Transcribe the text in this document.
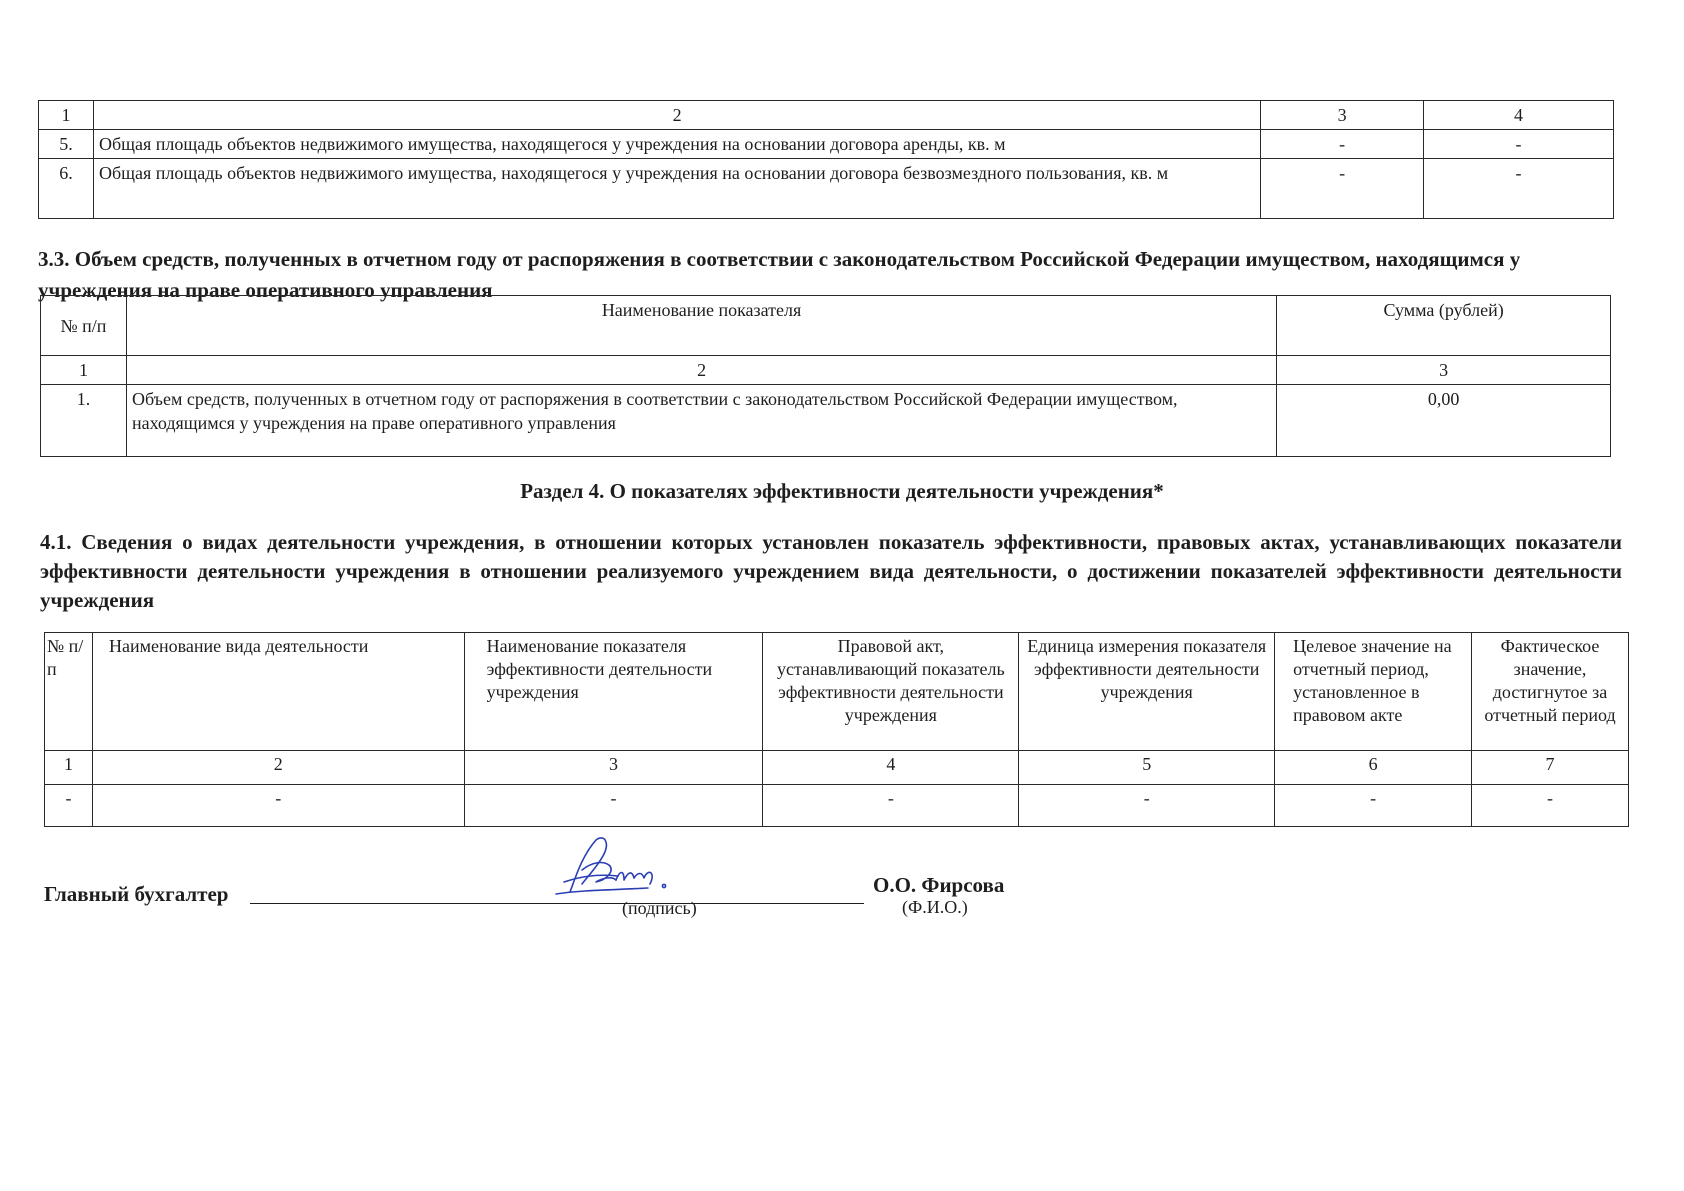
1	2	3	4
5.	Общая площадь объектов недвижимого имущества, находящегося у учреждения на основании договора аренды, кв. м	-	-
6.	Общая площадь объектов недвижимого имущества, находящегося у учреждения на основании договора безвозмездного пользования, кв. м	-	-
3.3. Объем средств, полученных в отчетном году от распоряжения в соответствии с законодательством Российской Федерации имуществом, находящимся у учреждения на праве оперативного управления
№ п/п	Наименование показателя	Сумма (рублей)
1	2	3
1.	Объем средств, полученных в отчетном году от распоряжения в соответствии с законодательством Российской Федерации имуществом, находящимся у учреждения на праве оперативного управления	0,00
Раздел 4. О показателях эффективности деятельности учреждения*
4.1. Сведения о видах деятельности учреждения, в отношении которых установлен показатель эффективности, правовых актах, устанавливающих показатели эффективности деятельности учреждения в отношении реализуемого учреждением вида деятельности, о достижении показателей эффективности деятельности учреждения
№ п/п	Наименование вида деятельности	Наименование показателя эффективности деятельности учреждения	Правовой акт, устанавливающий показатель эффективности деятельности учреждения	Единица измерения показателя эффективности деятельности учреждения	Целевое значение на отчетный период, установленное в правовом акте	Фактическое значение, достигнутое за отчетный период
1	2	3	4	5	6	7
-	-	-	-	-	-	-
Главный бухгалтер
(подпись)
О.О. Фирсова
(Ф.И.О.)
